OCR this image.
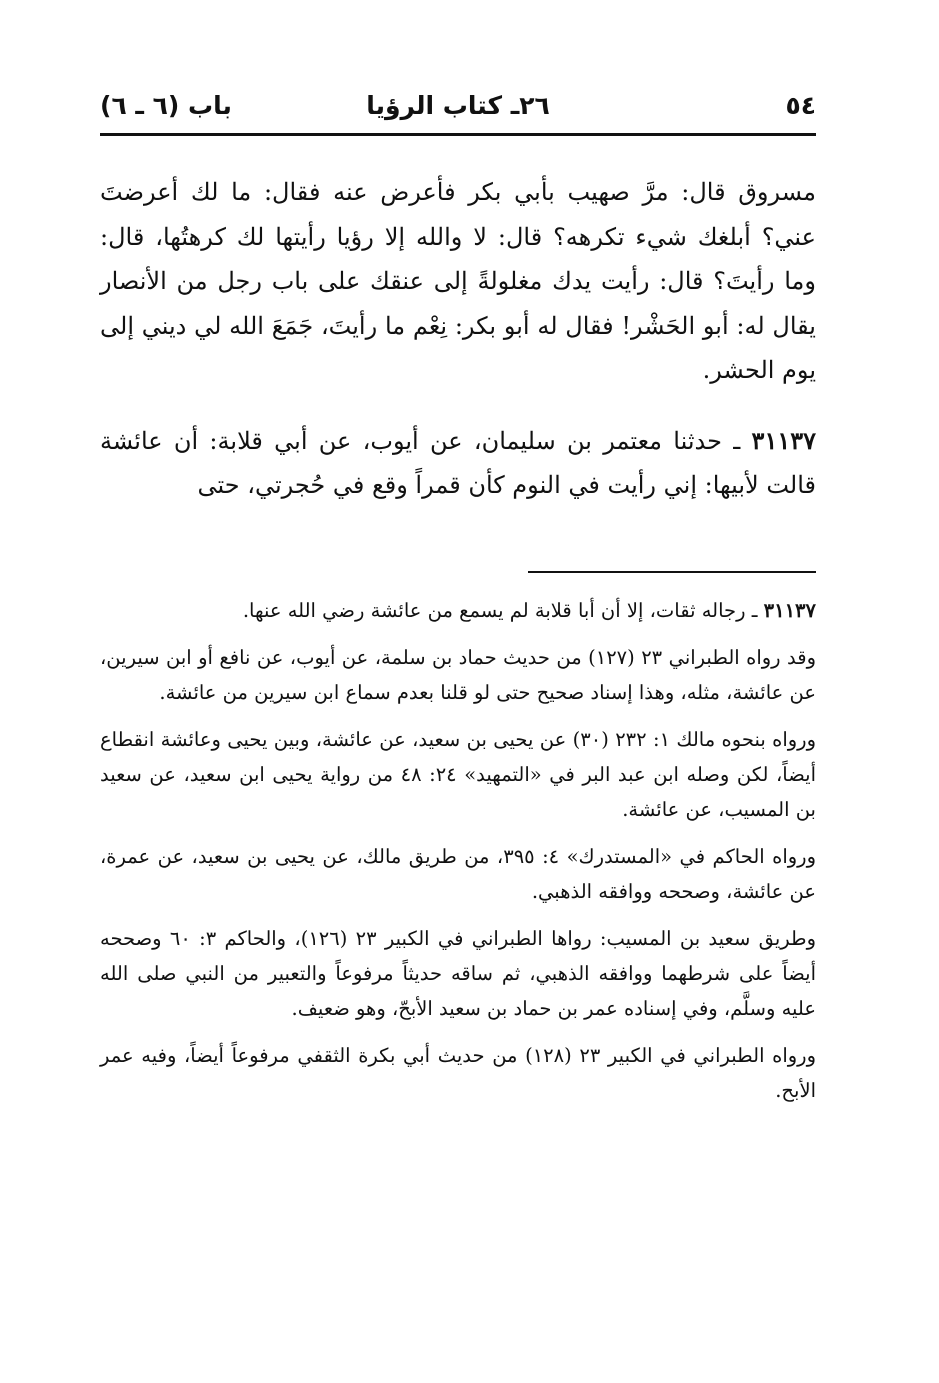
٥٤
٢٦ـ كتاب الرؤيا
باب (٦ ـ ٦)

مسروق قال: مرَّ صهيب بأبي بكر فأعرض عنه فقال: ما لك أعرضتَ عني؟ أبلغك شيء تكرهه؟ قال: لا والله إلا رؤيا رأيتها لك كرهتُها، قال: وما رأيتَ؟ قال: رأيت يدك مغلولةً إلى عنقك على باب رجل من الأنصار يقال له: أبو الحَشْر! فقال له أبو بكر: نِعْم ما رأيتَ، جَمَعَ الله لي ديني إلى يوم الحشر.

٣١١٣٧ ـ حدثنا معتمر بن سليمان، عن أيوب، عن أبي قلابة: أن عائشة قالت لأبيها: إني رأيت في النوم كأن قمراً وقع في حُجرتي، حتى

٣١١٣٧ ـ رجاله ثقات، إلا أن أبا قلابة لم يسمع من عائشة رضي الله عنها.

وقد رواه الطبراني ٢٣ (١٢٧) من حديث حماد بن سلمة، عن أيوب، عن نافع أو ابن سيرين، عن عائشة، مثله، وهذا إسناد صحيح حتى لو قلنا بعدم سماع ابن سيرين من عائشة.

ورواه بنحوه مالك ١: ٢٣٢ (٣٠) عن يحيى بن سعيد، عن عائشة، وبين يحيى وعائشة انقطاع أيضاً، لكن وصله ابن عبد البر في «التمهيد» ٢٤: ٤٨ من رواية يحيى ابن سعيد، عن سعيد بن المسيب، عن عائشة.

ورواه الحاكم في «المستدرك» ٤: ٣٩٥، من طريق مالك، عن يحيى بن سعيد، عن عمرة، عن عائشة، وصححه ووافقه الذهبي.

وطريق سعيد بن المسيب: رواها الطبراني في الكبير ٢٣ (١٢٦)، والحاكم ٣: ٦٠ وصححه أيضاً على شرطهما ووافقه الذهبي، ثم ساقه حديثاً مرفوعاً والتعبير من النبي صلى الله عليه وسلَّم، وفي إسناده عمر بن حماد بن سعيد الأبحّ، وهو ضعيف.

ورواه الطبراني في الكبير ٢٣ (١٢٨) من حديث أبي بكرة الثقفي مرفوعاً أيضاً، وفيه عمر الأبح.
